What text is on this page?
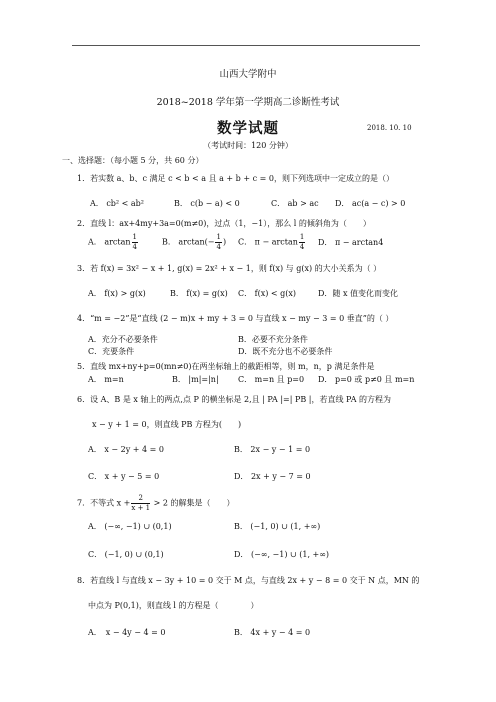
山西大学附中
2018~2018 学年第一学期高二诊断性考试
数学试题	2018. 10. 10
（考试时间：120 分钟）
一、选择题：（每小题 5 分，共 60 分）
1．若实数 a、b、c 满足 c < b < a 且 a + b + c = 0，则下列选项中一定成立的是（）
A． cb² < ab²	B． c(b − a) < 0	C． ab > ac D． ac(a − c) > 0
2．直线 l：ax+4my+3a=0(m≠0)，过点（1，−1），那么 l 的倾斜角为（　　）
A． $\arctan \frac{1}{4}$	B． $\arctan(- \frac{1}{4}$ ) C． $\pi - \arctan \frac{1}{4}$ D． π − arctan4
3．若 f(x) = 3x² − x + 1, g(x) = 2x² + x − 1，则 f(x) 与 g(x) 的大小关系为（ ）
A． f(x) > g(x)	B． f(x) = g(x) C． f(x) < g(x)	D．随 x 值变化而变化
4．“m = −2”是“直线 (2 − m)x + my + 3 = 0 与直线 x − my − 3 = 0 垂直”的（ ）
A．充分不必要条件	B．必要不充分条件
C．充要条件	D．既不充分也不必要条件
5．直线 mx+ny+p=0(mn≠0)在两坐标轴上的截距相等，则 m，n，p 满足条件是
A． m=n	B． |m|=|n| C． m=n 且 p=0 D． p=0 或 p≠0 且 m=n
6．设 A、B 是 x 轴上的两点,点 P 的横坐标是 2,且 | PA |=| PB |，若直线 PA 的方程为
x − y + 1 = 0，则直线 PB 方程为(　　)
A． x − 2y + 4 = 0	B． 2x − y − 1 = 0
C． x + y − 5 = 0	D． 2x + y − 7 = 0
7．不等式 $x + \frac{2}{x + 1} > 2$ 的解集是（　　）
A． (−∞, −1) ∪ (0,1)	B． (−1, 0) ∪ (1, +∞)
C． (−1, 0) ∪ (0,1)	D． (−∞, −1) ∪ (1, +∞)
8．若直线 l 与直线 x − 3y + 10 = 0 交于 M 点，与直线 2x + y − 8 = 0 交于 N 点，MN 的
中点为 P(0,1)，则直线 l 的方程是（　　　　）
A．　x − 4y − 4 = 0	B． 4x + y − 4 = 0
